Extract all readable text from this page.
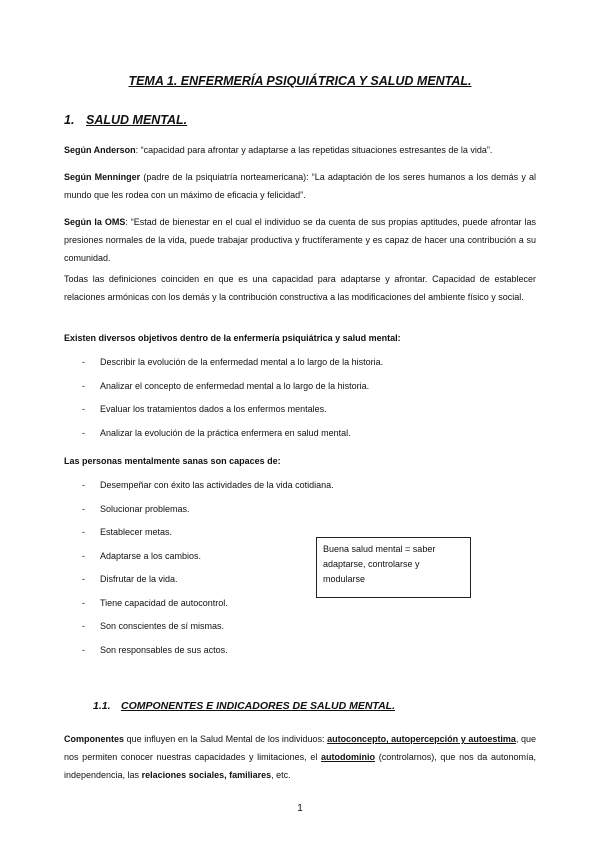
TEMA 1. ENFERMERÍA PSIQUIÁTRICA Y SALUD MENTAL.
1. SALUD MENTAL.
Según Anderson: “capacidad para afrontar y adaptarse a las repetidas situaciones estresantes de la vida”.
Según Menninger (padre de la psiquiatría norteamericana): “La adaptación de los seres humanos a los demás y al mundo que les rodea con un máximo de eficacia y felicidad”.
Según la OMS: “Estad de bienestar en el cual el individuo se da cuenta de sus propias aptitudes, puede afrontar las presiones normales de la vida, puede trabajar productiva y fructíferamente y es capaz de hacer una contribución a su comunidad.
Todas las definiciones coinciden en que es una capacidad para adaptarse y afrontar. Capacidad de establecer relaciones armónicas con los demás y la contribución constructiva a las modificaciones del ambiente físico y social.
Existen diversos objetivos dentro de la enfermería psiquiátrica y salud mental:
- Describir la evolución de la enfermedad mental a lo largo de la historia.
- Analizar el concepto de enfermedad mental a lo largo de la historia.
- Evaluar los tratamientos dados a los enfermos mentales.
- Analizar la evolución de la práctica enfermera en salud mental.
Las personas mentalmente sanas son capaces de:
- Desempeñar con éxito las actividades de la vida cotidiana.
- Solucionar problemas.
- Establecer metas.
- Adaptarse a los cambios.
- Disfrutar de la vida.
- Tiene capacidad de autocontrol.
- Son conscientes de sí mismas.
- Son responsables de sus actos.
Buena salud mental = saber adaptarse, controlarse y modularse
1.1. COMPONENTES E INDICADORES DE SALUD MENTAL.
Componentes que influyen en la Salud Mental de los individuos: autoconcepto, autopercepción y autoestima, que nos permiten conocer nuestras capacidades y limitaciones, el autodominio (controlarnos), que nos da autonomía, independencia, las relaciones sociales, familiares, etc.
1
